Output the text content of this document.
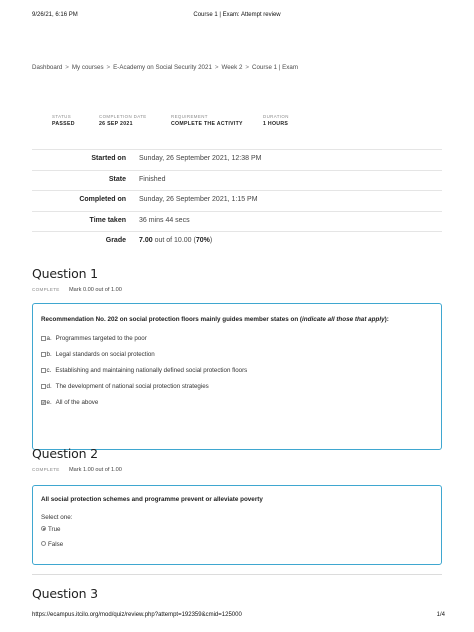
9/26/21, 6:16 PM	Course 1 | Exam: Attempt review
Dashboard > My courses > E-Academy on Social Security 2021 > Week 2 > Course 1 | Exam
STATUS
PASSED
COMPLETION DATE
26 SEP 2021
REQUIREMENT
COMPLETE THE ACTIVITY
DURATION
1 HOURS
Started on Sunday, 26 September 2021, 12:38 PM
State Finished
Completed on Sunday, 26 September 2021, 1:15 PM
Time taken 36 mins 44 secs
Grade 7.00 out of 10.00 (70%)
Question 1
COMPLETE Mark 0.00 out of 1.00
Recommendation No. 202 on social protection floors mainly guides member states on (indicate all those that apply):
a. Programmes targeted to the poor
b. Legal standards on social protection
c. Establishing and maintaining nationally defined social protection floors
d. The development of national social protection strategies
✓e. All of the above
Question 2
COMPLETE Mark 1.00 out of 1.00
All social protection schemes and programme prevent or alleviate poverty
Select one:
True
False
Question 3
https://ecampus.itcilo.org/mod/quiz/review.php?attempt=192359&cmid=125000	1/4
